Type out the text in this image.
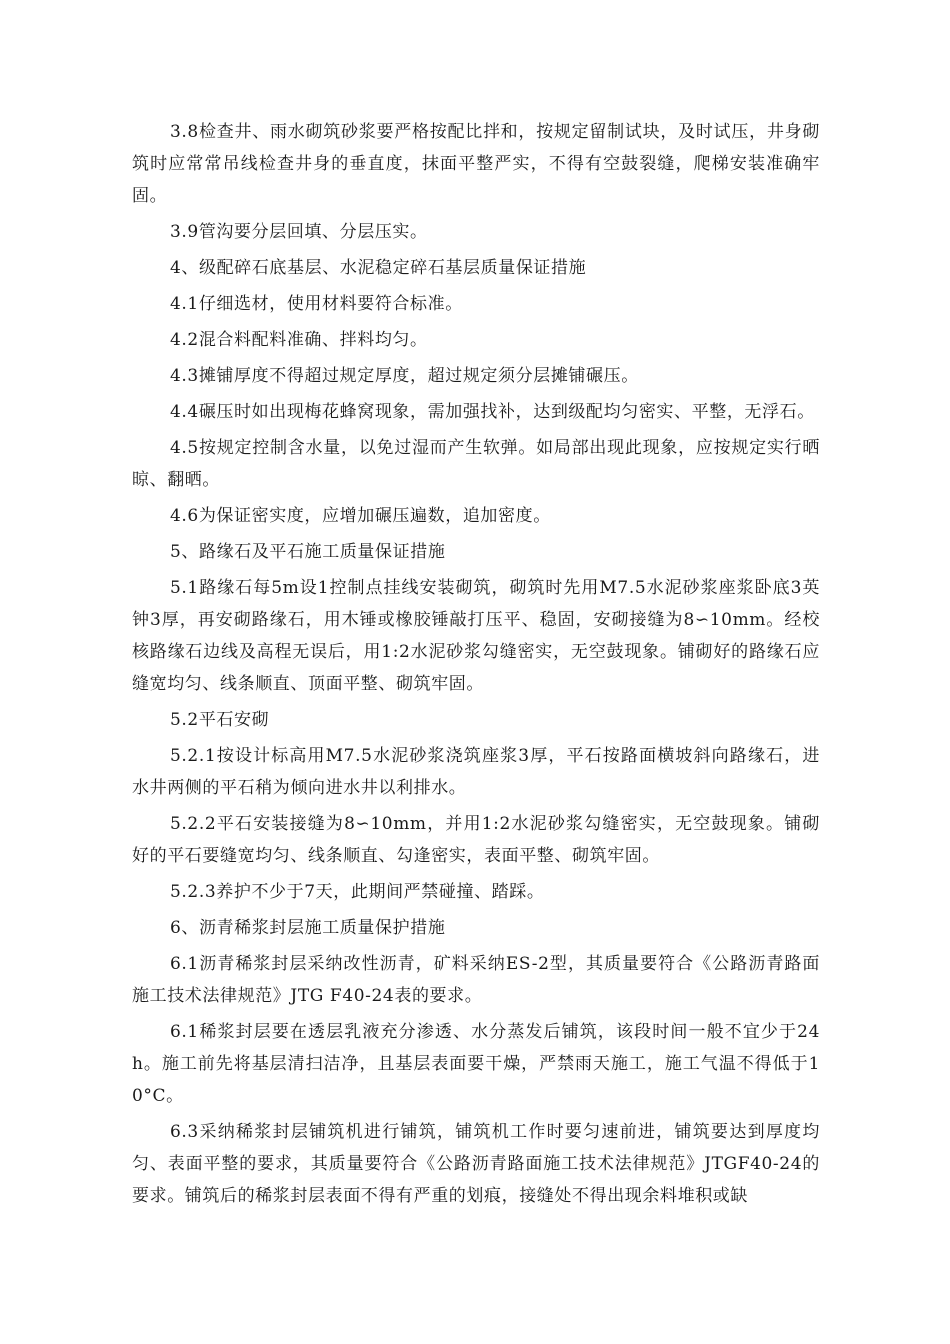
3.8检查井、雨水砌筑砂浆要严格按配比拌和，按规定留制试块，及时试压，井身砌筑时应常常吊线检查井身的垂直度，抹面平整严实，不得有空鼓裂缝，爬梯安装准确牢固。

3.9管沟要分层回填、分层压实。

4、级配碎石底基层、水泥稳定碎石基层质量保证措施

4.1仔细选材，使用材料要符合标准。

4.2混合料配料准确、拌料均匀。

4.3摊铺厚度不得超过规定厚度，超过规定须分层摊铺碾压。

4.4碾压时如出现梅花蜂窝现象，需加强找补，达到级配均匀密实、平整，无浮石。

4.5按规定控制含水量，以免过湿而产生软弹。如局部出现此现象，应按规定实行晒晾、翻晒。

4.6为保证密实度，应增加碾压遍数，追加密度。

5、路缘石及平石施工质量保证措施

5.1路缘石每5m设1控制点挂线安装砌筑，砌筑时先用M7.5水泥砂浆座浆卧底3英钟3厚，再安砌路缘石，用木锤或橡胶锤敲打压平、稳固，安砌接缝为8∽10mm。经校核路缘石边线及高程无误后，用1:2水泥砂浆勾缝密实，无空鼓现象。铺砌好的路缘石应缝宽均匀、线条顺直、顶面平整、砌筑牢固。

5.2平石安砌

5.2.1按设计标高用M7.5水泥砂浆浇筑座浆3厚，平石按路面横坡斜向路缘石，进水井两侧的平石稍为倾向进水井以利排水。

5.2.2平石安装接缝为8∽10mm，并用1:2水泥砂浆勾缝密实，无空鼓现象。铺砌好的平石要缝宽均匀、线条顺直、勾逢密实，表面平整、砌筑牢固。

5.2.3养护不少于7天，此期间严禁碰撞、踏踩。

6、沥青稀浆封层施工质量保护措施

6.1沥青稀浆封层采纳改性沥青，矿料采纳ES-2型，其质量要符合《公路沥青路面施工技术法律规范》JTG F40-24表的要求。

6.1稀浆封层要在透层乳液充分渗透、水分蒸发后铺筑，该段时间一般不宜少于24h。施工前先将基层清扫洁净，且基层表面要干燥，严禁雨天施工，施工气温不得低于10°C。

6.3采纳稀浆封层铺筑机进行铺筑，铺筑机工作时要匀速前进，铺筑要达到厚度均匀、表面平整的要求，其质量要符合《公路沥青路面施工技术法律规范》JTGF40-24的要求。铺筑后的稀浆封层表面不得有严重的划痕，接缝处不得出现余料堆积或缺
